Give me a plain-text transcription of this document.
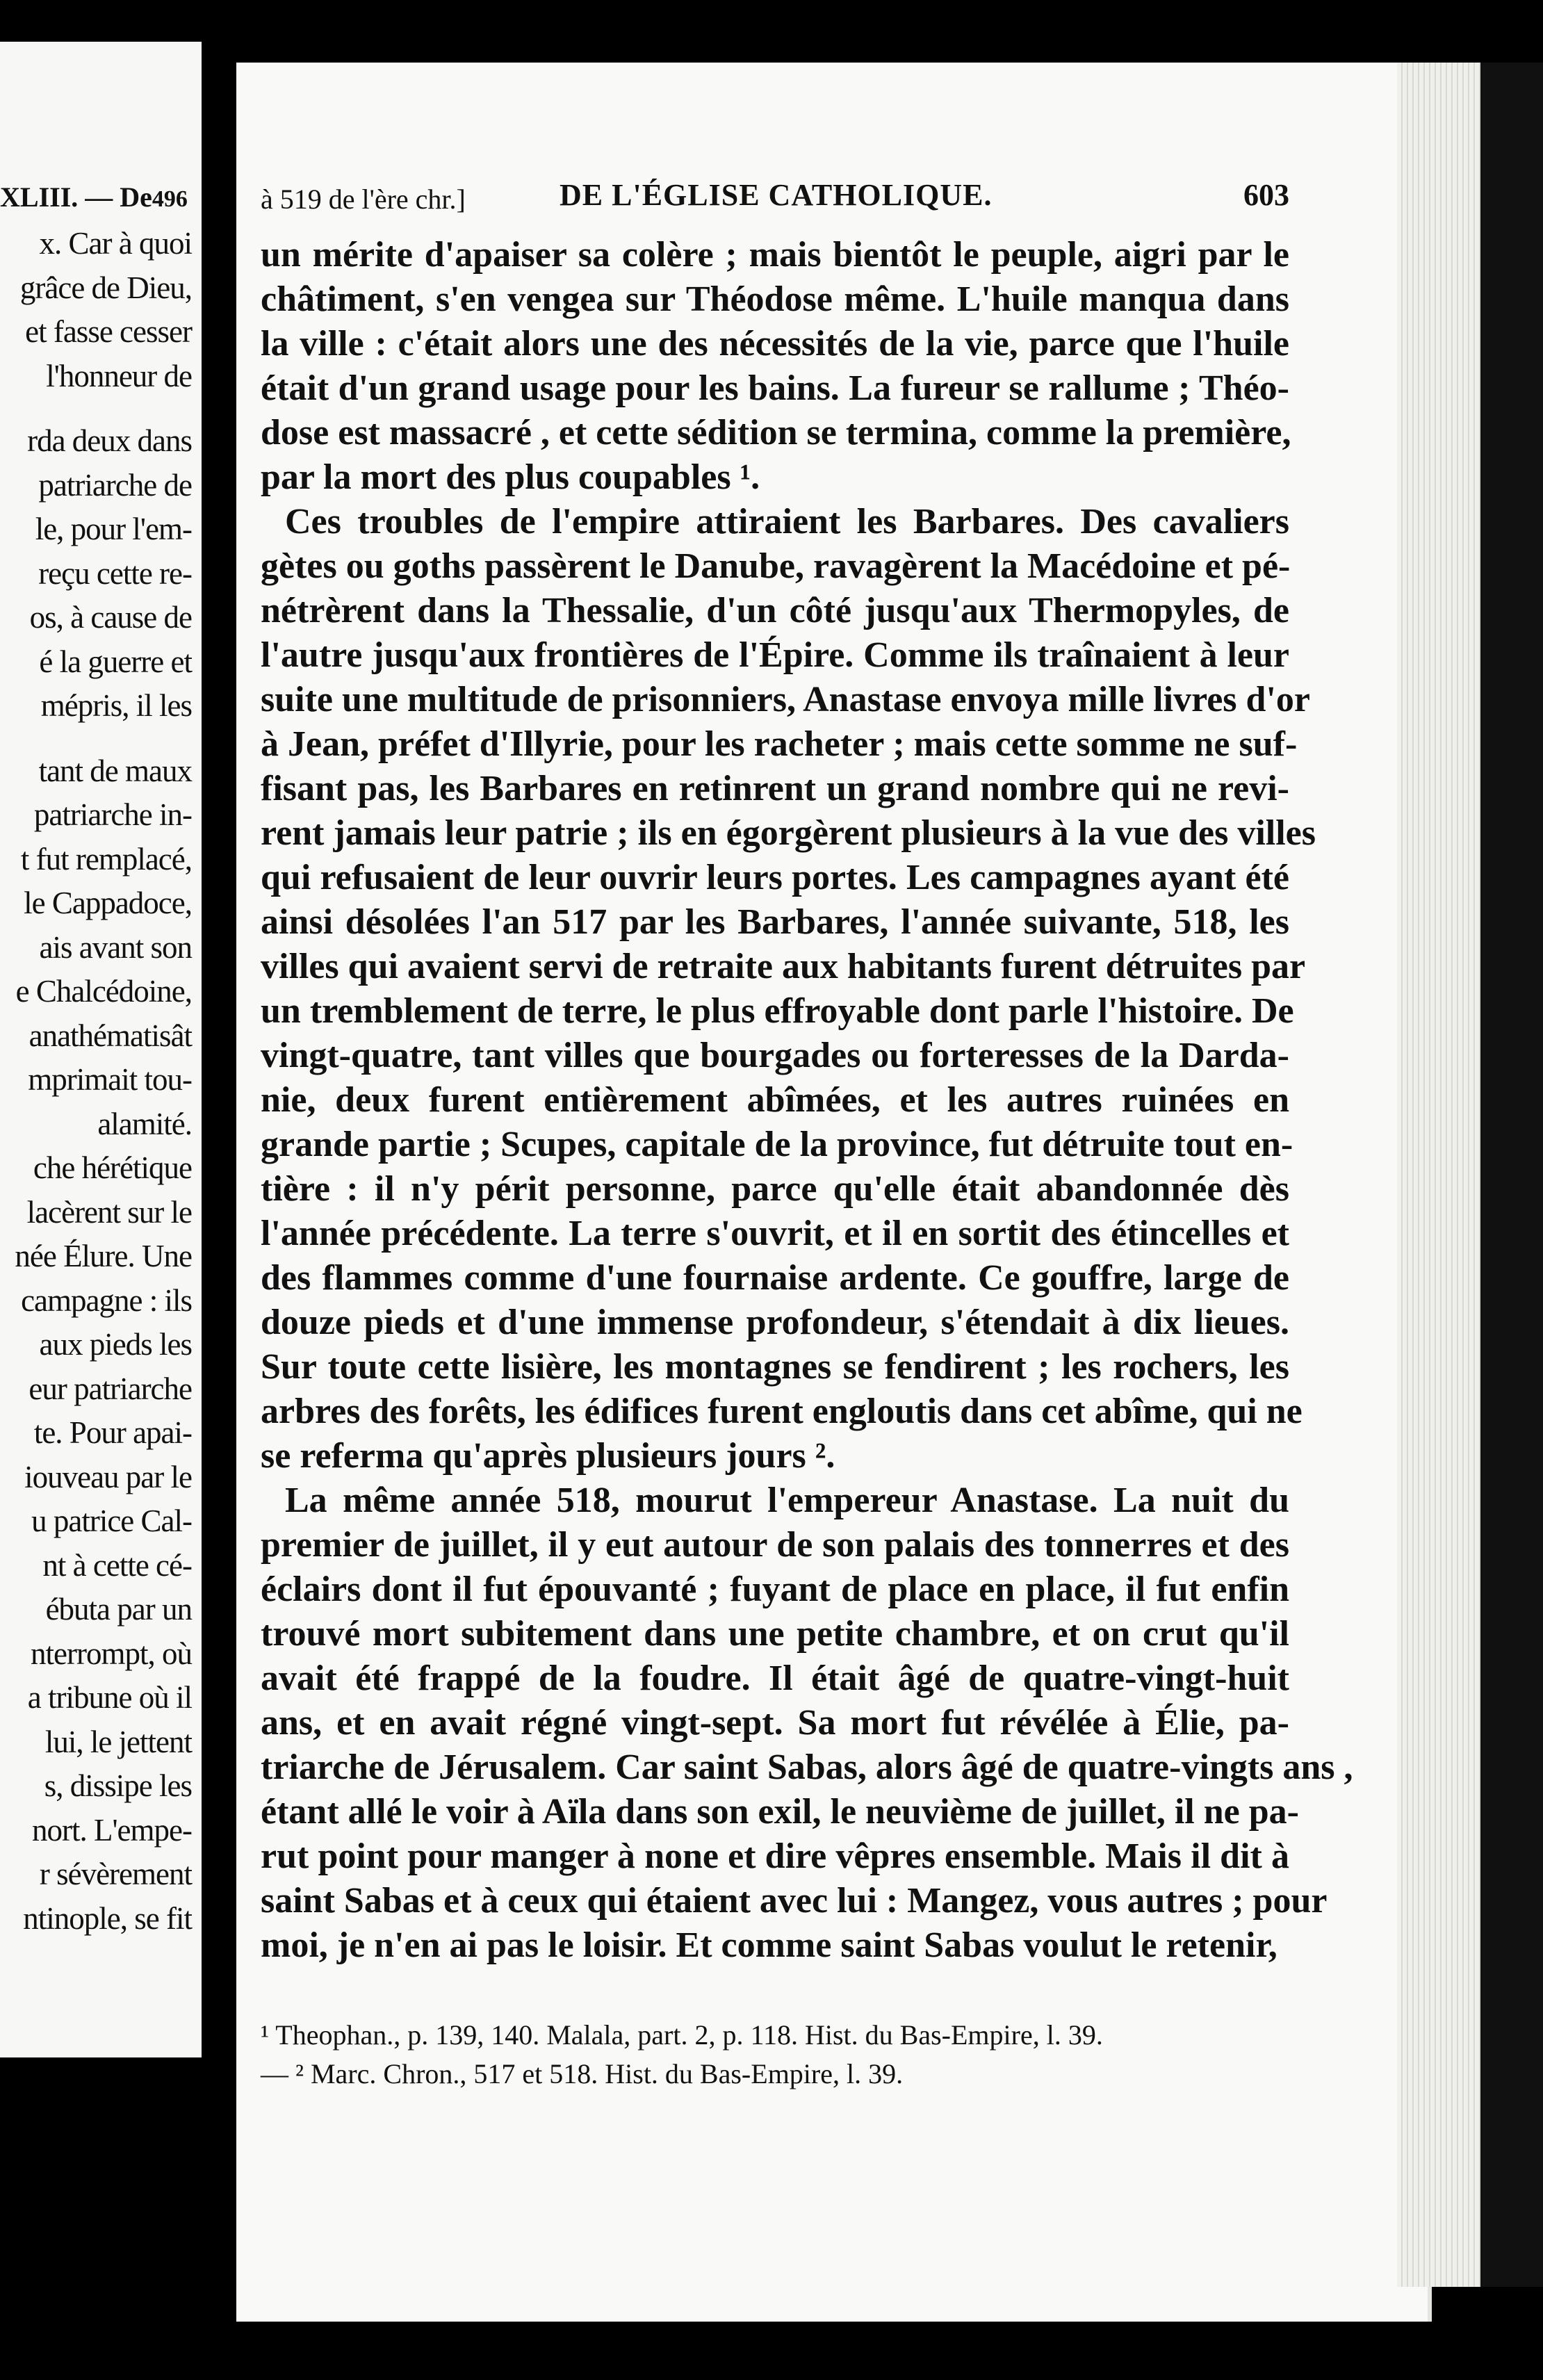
XLIII. — De496
x. Car à quoi
grâce de Dieu,
et fasse cesser
l'honneur de
rda deux dans
patriarche de
le, pour l'em-
reçu cette re-
os, à cause de
é la guerre et
mépris, il les
tant de maux
patriarche in-
t fut remplacé,
le Cappadoce,
ais avant son
e Chalcédoine,
anathématisât
mprimait tou-
alamité.
che hérétique
lacèrent sur le
née Élure. Une
campagne : ils
aux pieds les
eur patriarche
te. Pour apai-
iouveau par le
u patrice Cal-
nt à cette cé-
ébuta par un
nterrompt, où
a tribune où il
lui, le jettent
s, dissipe les
nort. L'empe-
r sévèrement
ntinople, se fit
à 519 de l'ère chr.]	DE L'ÉGLISE CATHOLIQUE.	603
un mérite d'apaiser sa colère ; mais bientôt le peuple, aigri par le
châtiment, s'en vengea sur Théodose même. L'huile manqua dans
la ville : c'était alors une des nécessités de la vie, parce que l'huile
était d'un grand usage pour les bains. La fureur se rallume ; Théo-
dose est massacré , et cette sédition se termina, comme la première,
par la mort des plus coupables ¹.
Ces troubles de l'empire attiraient les Barbares. Des cavaliers
gètes ou goths passèrent le Danube, ravagèrent la Macédoine et pé-
nétrèrent dans la Thessalie, d'un côté jusqu'aux Thermopyles, de
l'autre jusqu'aux frontières de l'Épire. Comme ils traînaient à leur
suite une multitude de prisonniers, Anastase envoya mille livres d'or
à Jean, préfet d'Illyrie, pour les racheter ; mais cette somme ne suf-
fisant pas, les Barbares en retinrent un grand nombre qui ne revi-
rent jamais leur patrie ; ils en égorgèrent plusieurs à la vue des villes
qui refusaient de leur ouvrir leurs portes. Les campagnes ayant été
ainsi désolées l'an 517 par les Barbares, l'année suivante, 518, les
villes qui avaient servi de retraite aux habitants furent détruites par
un tremblement de terre, le plus effroyable dont parle l'histoire. De
vingt-quatre, tant villes que bourgades ou forteresses de la Darda-
nie, deux furent entièrement abîmées, et les autres ruinées en
grande partie ; Scupes, capitale de la province, fut détruite tout en-
tière : il n'y périt personne, parce qu'elle était abandonnée dès
l'année précédente. La terre s'ouvrit, et il en sortit des étincelles et
des flammes comme d'une fournaise ardente. Ce gouffre, large de
douze pieds et d'une immense profondeur, s'étendait à dix lieues.
Sur toute cette lisière, les montagnes se fendirent ; les rochers, les
arbres des forêts, les édifices furent engloutis dans cet abîme, qui ne
se referma qu'après plusieurs jours ².
La même année 518, mourut l'empereur Anastase. La nuit du
premier de juillet, il y eut autour de son palais des tonnerres et des
éclairs dont il fut épouvanté ; fuyant de place en place, il fut enfin
trouvé mort subitement dans une petite chambre, et on crut qu'il
avait été frappé de la foudre. Il était âgé de quatre-vingt-huit
ans, et en avait régné vingt-sept. Sa mort fut révélée à Élie, pa-
triarche de Jérusalem. Car saint Sabas, alors âgé de quatre-vingts ans ,
étant allé le voir à Aïla dans son exil, le neuvième de juillet, il ne pa-
rut point pour manger à none et dire vêpres ensemble. Mais il dit à
saint Sabas et à ceux qui étaient avec lui : Mangez, vous autres ; pour
moi, je n'en ai pas le loisir. Et comme saint Sabas voulut le retenir,
¹ Theophan., p. 139, 140. Malala, part. 2, p. 118. Hist. du Bas-Empire, l. 39.
— ² Marc. Chron., 517 et 518. Hist. du Bas-Empire, l. 39.
